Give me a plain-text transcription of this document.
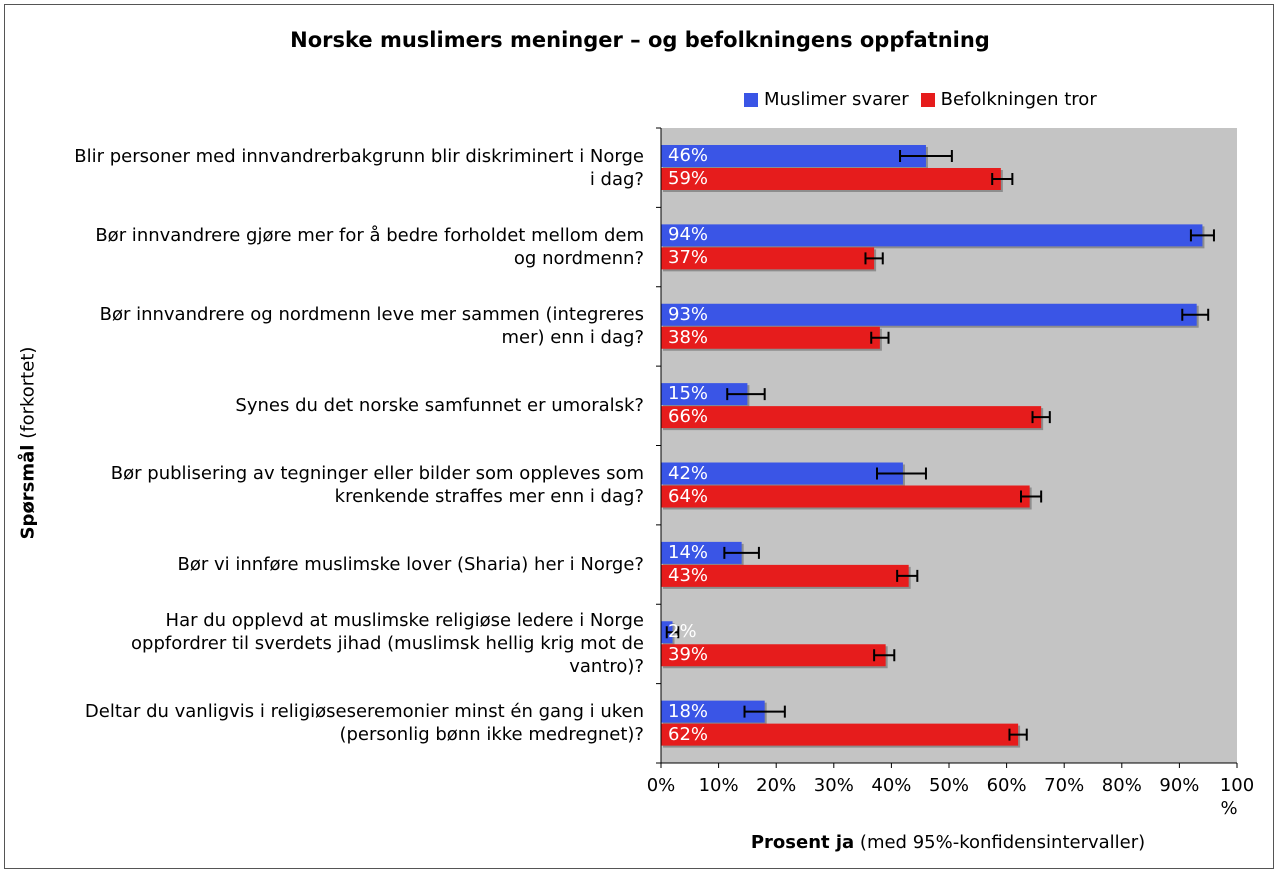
Norske muslimers meninger – og befolkningens oppfatning
Muslimer svarer Befolkningen tror
0% 10% 20% 30% 40% 50% 60% 70% 80% 90% 100
%
46%
59%
Blir personer med innvandrerbakgrunn blir diskriminert i Norge
i dag?
94%
37%
Bør innvandrere gjøre mer for å bedre forholdet mellom dem
og nordmenn?
93%
38%
Bør innvandrere og nordmenn leve mer sammen (integreres
mer) enn i dag?
15%
66%
Synes du det norske samfunnet er umoralsk?
42%
64%
Bør publisering av tegninger eller bilder som oppleves som
krenkende straffes mer enn i dag?
14%
43%
Bør vi innføre muslimske lover (Sharia) her i Norge?
2%
39%
Har du opplevd at muslimske religiøse ledere i Norge
oppfordrer til sverdets jihad (muslimsk hellig krig mot de
vantro)?
18%
62%
Deltar du vanligvis i religiøseseremonier minst én gang i uken
(personlig bønn ikke medregnet)?
Spørsmål (forkortet)
Prosent ja (med 95%-konfidensintervaller)
